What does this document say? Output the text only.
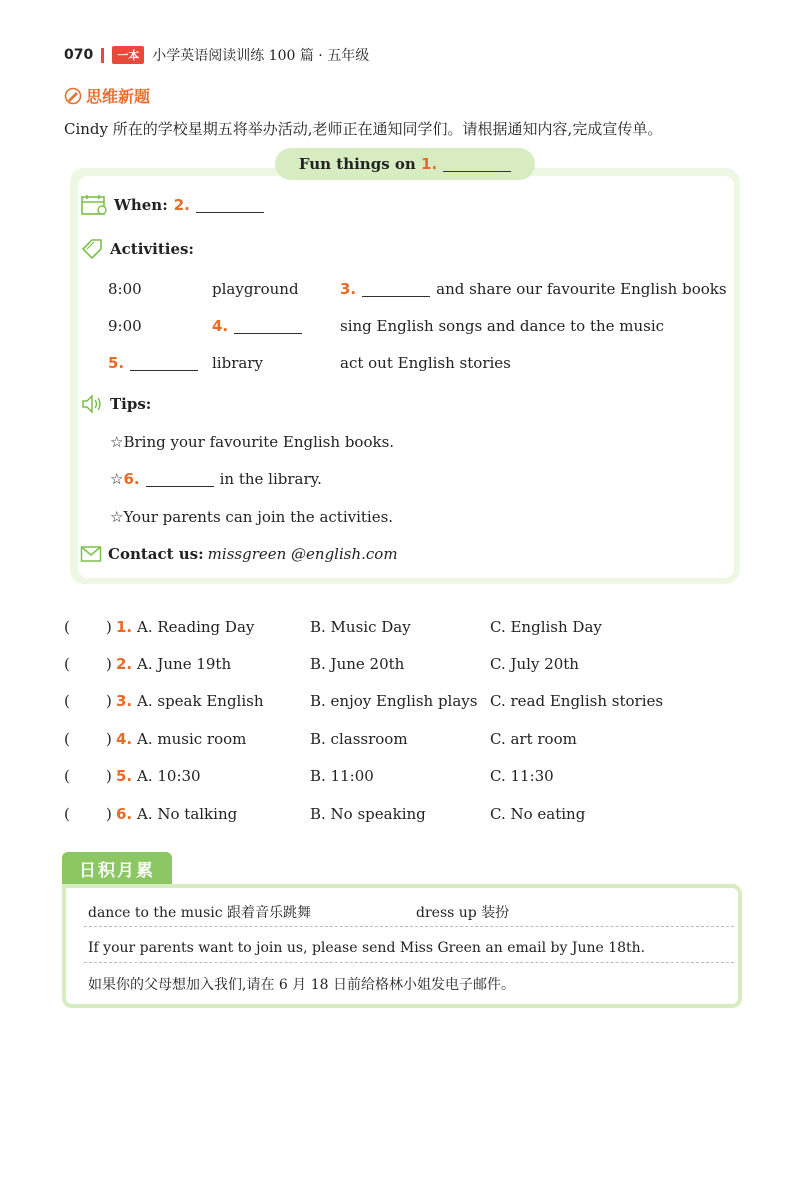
070	一本 小学英语阅读训练 100 篇 · 五年级
思维新题
Cindy 所在的学校星期五将举办活动,老师正在通知同学们。请根据通知内容,完成宣传单。
Fun things on
1.
When: 2.
Activities:
8:00	playground	3.	and share our favourite English books
9:00	4.	sing English songs and dance to the music
5.	library	act out English stories
Tips:
☆ Bring your favourite English books.
☆ 6.	in the library.
☆ Your parents can join the activities.
Contact us: missgreen @english.com
( ) 1. A. Reading Day	B. Music Day	C. English Day
( ) 2. A. June 19th	B. June 20th	C. July 20th
( ) 3. A. speak English	B. enjoy English plays C. read English stories
( ) 4. A. music room	B. classroom	C. art room
( ) 5. A. 10:30	B. 11:00	C. 11:30
( ) 6. A. No talking	B. No speaking	C. No eating
日积月累
dance to the music 跟着音乐跳舞	dress up 装扮
If your parents want to join us, please send Miss Green an email by June 18th.
如果你的父母想加入我们,请在 6 月 18 日前给格林小姐发电子邮件。
